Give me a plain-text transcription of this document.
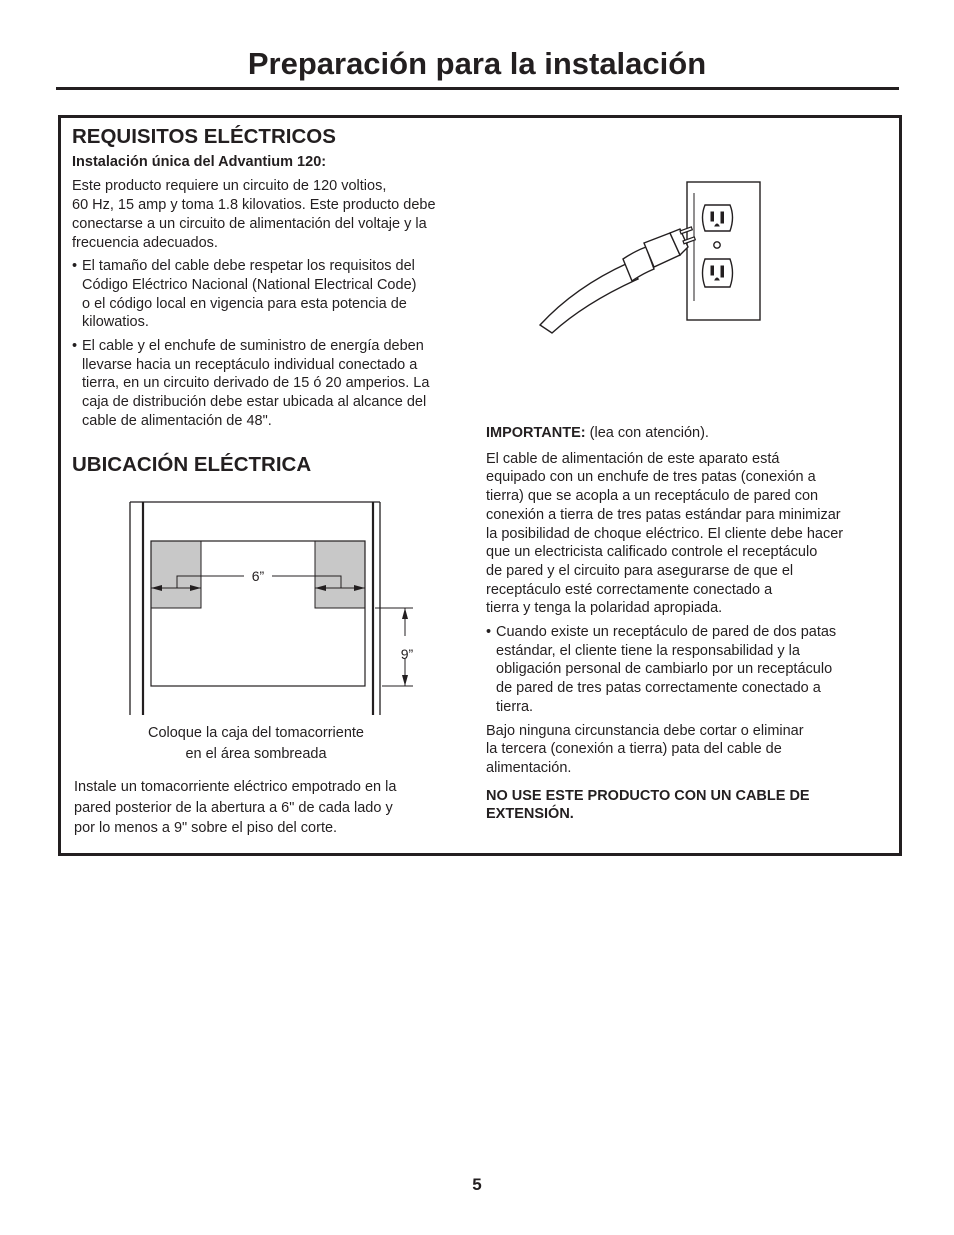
Preparación para la instalación
REQUISITOS ELÉCTRICOS
Instalación única del Advantium 120:

Este producto requiere un circuito de 120 voltios,
60 Hz, 15 amp y toma 1.8 kilovatios. Este producto debe
conectarse a un circuito de alimentación del voltaje y la
frecuencia adecuados.

• El tamaño del cable debe respetar los requisitos del
Código Eléctrico Nacional (National Electrical Code)
o el código local en vigencia para esta potencia de
kilowatios.
• El cable y el enchufe de suministro de energía deben
llevarse hacia un receptáculo individual conectado a
tierra, en un circuito derivado de 15 ó 20 amperios. La
caja de distribución debe estar ubicada al alcance del
cable de alimentación de 48".
UBICACIÓN ELÉCTRICA
6”
9”
Coloque la caja del tomacorriente
en el área sombreada
Instale un tomacorriente eléctrico empotrado en la
pared posterior de la abertura a 6" de cada lado y
por lo menos a 9" sobre el piso del corte.

IMPORTANTE: (lea con atención).

El cable de alimentación de este aparato está
equipado con un enchufe de tres patas (conexión a
tierra) que se acopla a un receptáculo de pared con
conexión a tierra de tres patas estándar para minimizar
la posibilidad de choque eléctrico. El cliente debe hacer
que un electricista calificado controle el receptáculo
de pared y el circuito para asegurarse de que el
receptáculo esté correctamente conectado a
tierra y tenga la polaridad apropiada.

• Cuando existe un receptáculo de pared de dos patas
estándar, el cliente tiene la responsabilidad y la
obligación personal de cambiarlo por un receptáculo
de pared de tres patas correctamente conectado a
tierra.

Bajo ninguna circunstancia debe cortar o eliminar
la tercera (conexión a tierra) pata del cable de
alimentación.

NO USE ESTE PRODUCTO CON UN CABLE DE
EXTENSIÓN.

5
